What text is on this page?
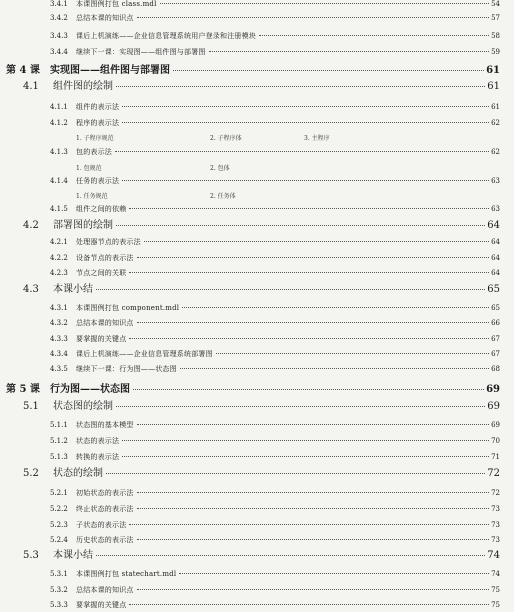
3.4.1	本课图例打包 class.mdl	54
3.4.2	总结本课的知识点	57
3.4.3	课后上机演练——企业信息管理系统用户登录和注册模块	58
3.4.4	继续下一课：实现图——组件图与部署图	59
第 4 课	实现图——组件图与部署图	61
4.1	组件图的绘制	61
4.1.1	组件的表示法	61
4.1.2	程序的表示法	62
1. 子程序规范	2. 子程序体	3. 主程序
4.1.3	包的表示法	62
1. 包规范	2. 包体
4.1.4	任务的表示法	63
1. 任务规范	2. 任务体
4.1.5	组件之间的依赖	63
4.2	部署图的绘制	64
4.2.1	处理器节点的表示法	64
4.2.2	设备节点的表示法	64
4.2.3	节点之间的关联	64
4.3	本课小结	65
4.3.1	本课图例打包 component.mdl	65
4.3.2	总结本课的知识点	66
4.3.3	要掌握的关键点	67
4.3.4	课后上机演练——企业信息管理系统部署图	67
4.3.5	继续下一课：行为图——状态图	68
第 5 课	行为图——状态图	69
5.1	状态图的绘制	69
5.1.1	状态图的基本模型	69
5.1.2	状态的表示法	70
5.1.3	转换的表示法	71
5.2	状态的绘制	72
5.2.1	初始状态的表示法	72
5.2.2	终止状态的表示法	73
5.2.3	子状态的表示法	73
5.2.4	历史状态的表示法	73
5.3	本课小结	74
5.3.1	本课图例打包 statechart.mdl	74
5.3.2	总结本课的知识点	75
5.3.3	要掌握的关键点	75
